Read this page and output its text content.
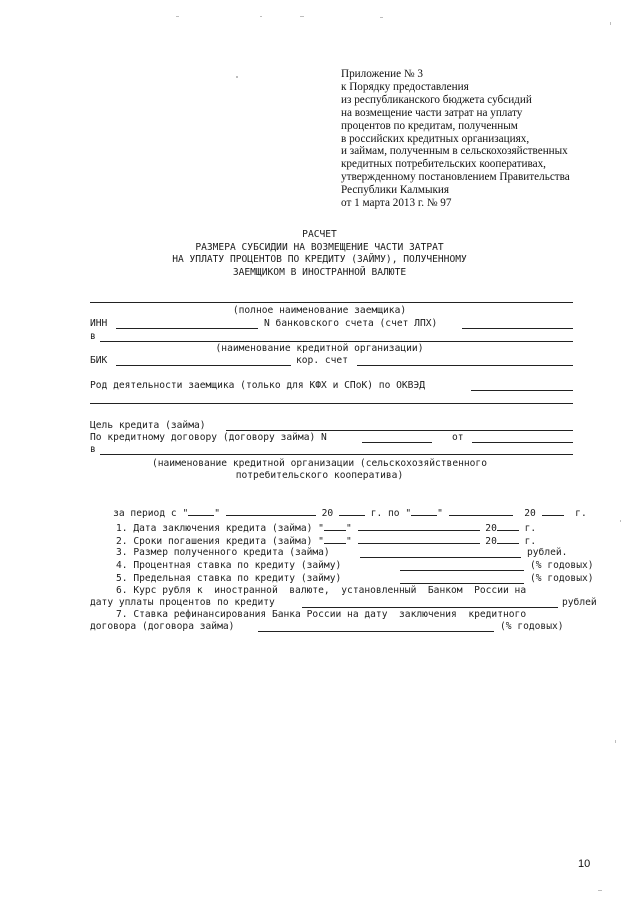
Приложение № 3
к Порядку предоставления
из республиканского бюджета субсидий
на возмещение части затрат на уплату
процентов по кредитам, полученным
в российских кредитных организациях,
и займам, полученным в сельскохозяйственных
кредитных потребительских кооперативах,
утвержденному постановлением Правительства
Республики Калмыкия
от 1 марта 2013 г. № 97
РАСЧЕТ
РАЗМЕРА СУБСИДИИ НА ВОЗМЕЩЕНИЕ ЧАСТИ ЗАТРАТ
НА УПЛАТУ ПРОЦЕНТОВ ПО КРЕДИТУ (ЗАЙМУ), ПОЛУЧЕННОМУ
ЗАЕМЩИКОМ В ИНОСТРАННОЙ ВАЛЮТЕ
(полное наименование заемщика)
ИНН	N банковского счета (счет ЛПХ)
в
(наименование кредитной организации)
БИК	кор. счет
Род деятельности заемщика (только для КФХ и СПоК) по ОКВЭД
Цель кредита (займа)
По кредитному договору (договору займа) N	от
в
(наименование кредитной организации (сельскохозяйственного
потребительского кооператива)

за период с "	"	20	г. по "	"	20	г.

1. Дата заключения кредита (займа) " "	20	г.
2. Сроки погашения кредита (займа) " "	20	г.
3. Размер полученного кредита (займа)	рублей.
4. Процентная ставка по кредиту (займу)	(% годовых)
5. Предельная ставка по кредиту (займу)	(% годовых)
6. Курс рубля к  иностранной  валюте,  установленный  Банком  России на
дату уплаты процентов по кредиту	рублей
7. Ставка рефинансирования Банка России на дату  заключения  кредитного
договора (договора займа)	(% годовых)
10
